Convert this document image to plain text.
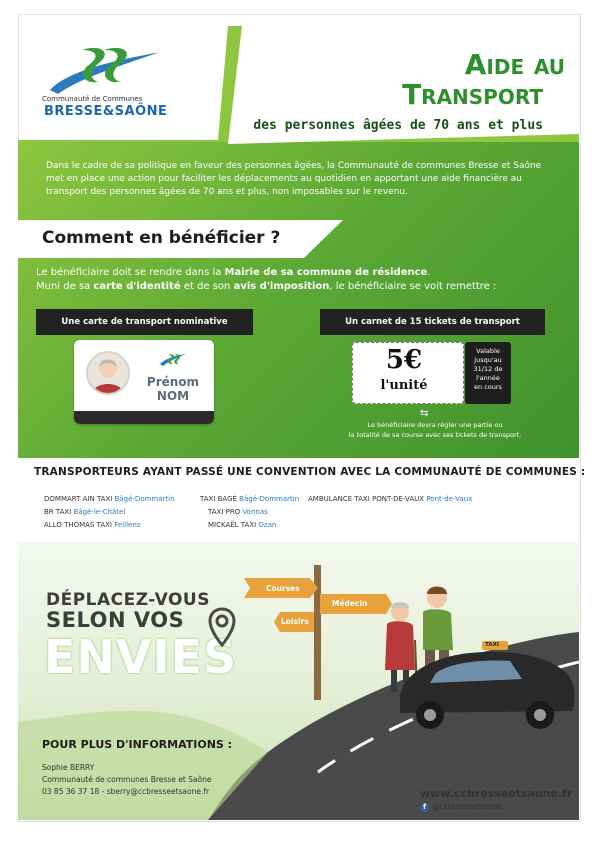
Communauté de Communes
BRESSE&SAÔNE
Aide au
Transport
des personnes âgées de 70 ans et plus
Dans le cadre de sa politique en faveur des personnes âgées, la Communauté de communes Bresse et Saône met en place une action pour faciliter les déplacements au quotidien en apportant une aide financière au transport des personnes âgées de 70 ans et plus, non imposables sur le revenu.
Comment en bénéficier ?
Le bénéficiaire doit se rendre dans la Mairie de sa commune de résidence.
Muni de sa carte d'identité et de son avis d'imposition, le bénéficiaire se voit remettre :
Une carte de transport nominative	Un carnet de 15 tickets de transport
Prénom
NOM
5€
l'unité
Valable
jusqu'au
31/12 de
l'année
en cours
⇆
Le bénéficiaire devra régler une partie ou
la totalité de sa course avec ses tickets de transport.
TRANSPORTEURS AYANT PASSÉ UNE CONVENTION AVEC LA COMMUNAUTÉ DE COMMUNES :
DOMMART AIN TAXI Bâgé-Dommartin	TAXI BAGÉ Bâgé-Dommartin AMBULANCE TAXI PONT-DE-VAUX Pont-de-Vaux
BR TAXI Bâgé-le-Châtel	TAXI PRO Vonnas
ALLO THOMAS TAXI Feillens	MICKAËL TAXI Ozan
DÉPLACEZ-VOUS
SELON VOS
ENVIES
Courses
Médecin
Loisirs
TAXI
POUR PLUS D'INFORMATIONS :
Sophie BERRY
Communauté de communes Bresse et Saône
03 85 36 37 18 - sberry@ccbresseetsaone.fr	www.ccbresseetsaone.fr
f @ccbresseetsaone
